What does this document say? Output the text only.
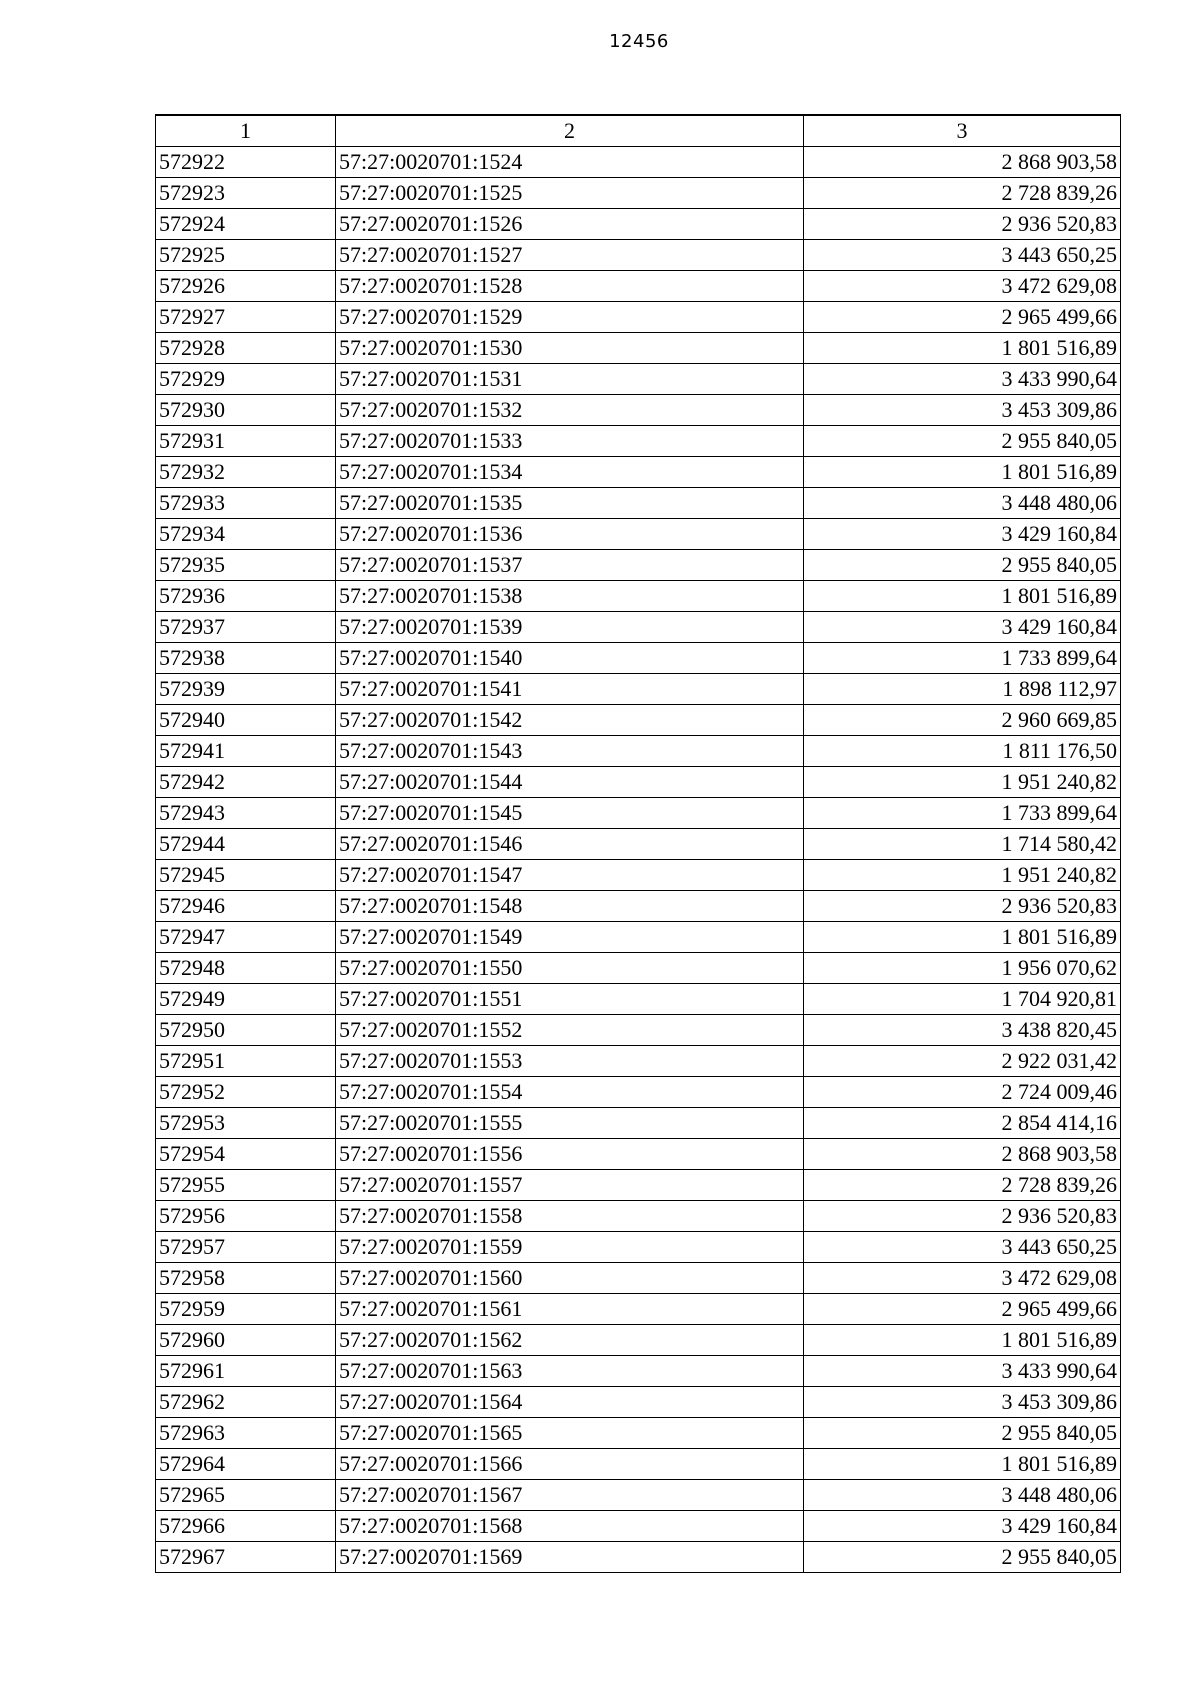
12456
1	2	3
572922	57:27:0020701:1524	2 868 903,58
572923	57:27:0020701:1525	2 728 839,26
572924	57:27:0020701:1526	2 936 520,83
572925	57:27:0020701:1527	3 443 650,25
572926	57:27:0020701:1528	3 472 629,08
572927	57:27:0020701:1529	2 965 499,66
572928	57:27:0020701:1530	1 801 516,89
572929	57:27:0020701:1531	3 433 990,64
572930	57:27:0020701:1532	3 453 309,86
572931	57:27:0020701:1533	2 955 840,05
572932	57:27:0020701:1534	1 801 516,89
572933	57:27:0020701:1535	3 448 480,06
572934	57:27:0020701:1536	3 429 160,84
572935	57:27:0020701:1537	2 955 840,05
572936	57:27:0020701:1538	1 801 516,89
572937	57:27:0020701:1539	3 429 160,84
572938	57:27:0020701:1540	1 733 899,64
572939	57:27:0020701:1541	1 898 112,97
572940	57:27:0020701:1542	2 960 669,85
572941	57:27:0020701:1543	1 811 176,50
572942	57:27:0020701:1544	1 951 240,82
572943	57:27:0020701:1545	1 733 899,64
572944	57:27:0020701:1546	1 714 580,42
572945	57:27:0020701:1547	1 951 240,82
572946	57:27:0020701:1548	2 936 520,83
572947	57:27:0020701:1549	1 801 516,89
572948	57:27:0020701:1550	1 956 070,62
572949	57:27:0020701:1551	1 704 920,81
572950	57:27:0020701:1552	3 438 820,45
572951	57:27:0020701:1553	2 922 031,42
572952	57:27:0020701:1554	2 724 009,46
572953	57:27:0020701:1555	2 854 414,16
572954	57:27:0020701:1556	2 868 903,58
572955	57:27:0020701:1557	2 728 839,26
572956	57:27:0020701:1558	2 936 520,83
572957	57:27:0020701:1559	3 443 650,25
572958	57:27:0020701:1560	3 472 629,08
572959	57:27:0020701:1561	2 965 499,66
572960	57:27:0020701:1562	1 801 516,89
572961	57:27:0020701:1563	3 433 990,64
572962	57:27:0020701:1564	3 453 309,86
572963	57:27:0020701:1565	2 955 840,05
572964	57:27:0020701:1566	1 801 516,89
572965	57:27:0020701:1567	3 448 480,06
572966	57:27:0020701:1568	3 429 160,84
572967	57:27:0020701:1569	2 955 840,05
